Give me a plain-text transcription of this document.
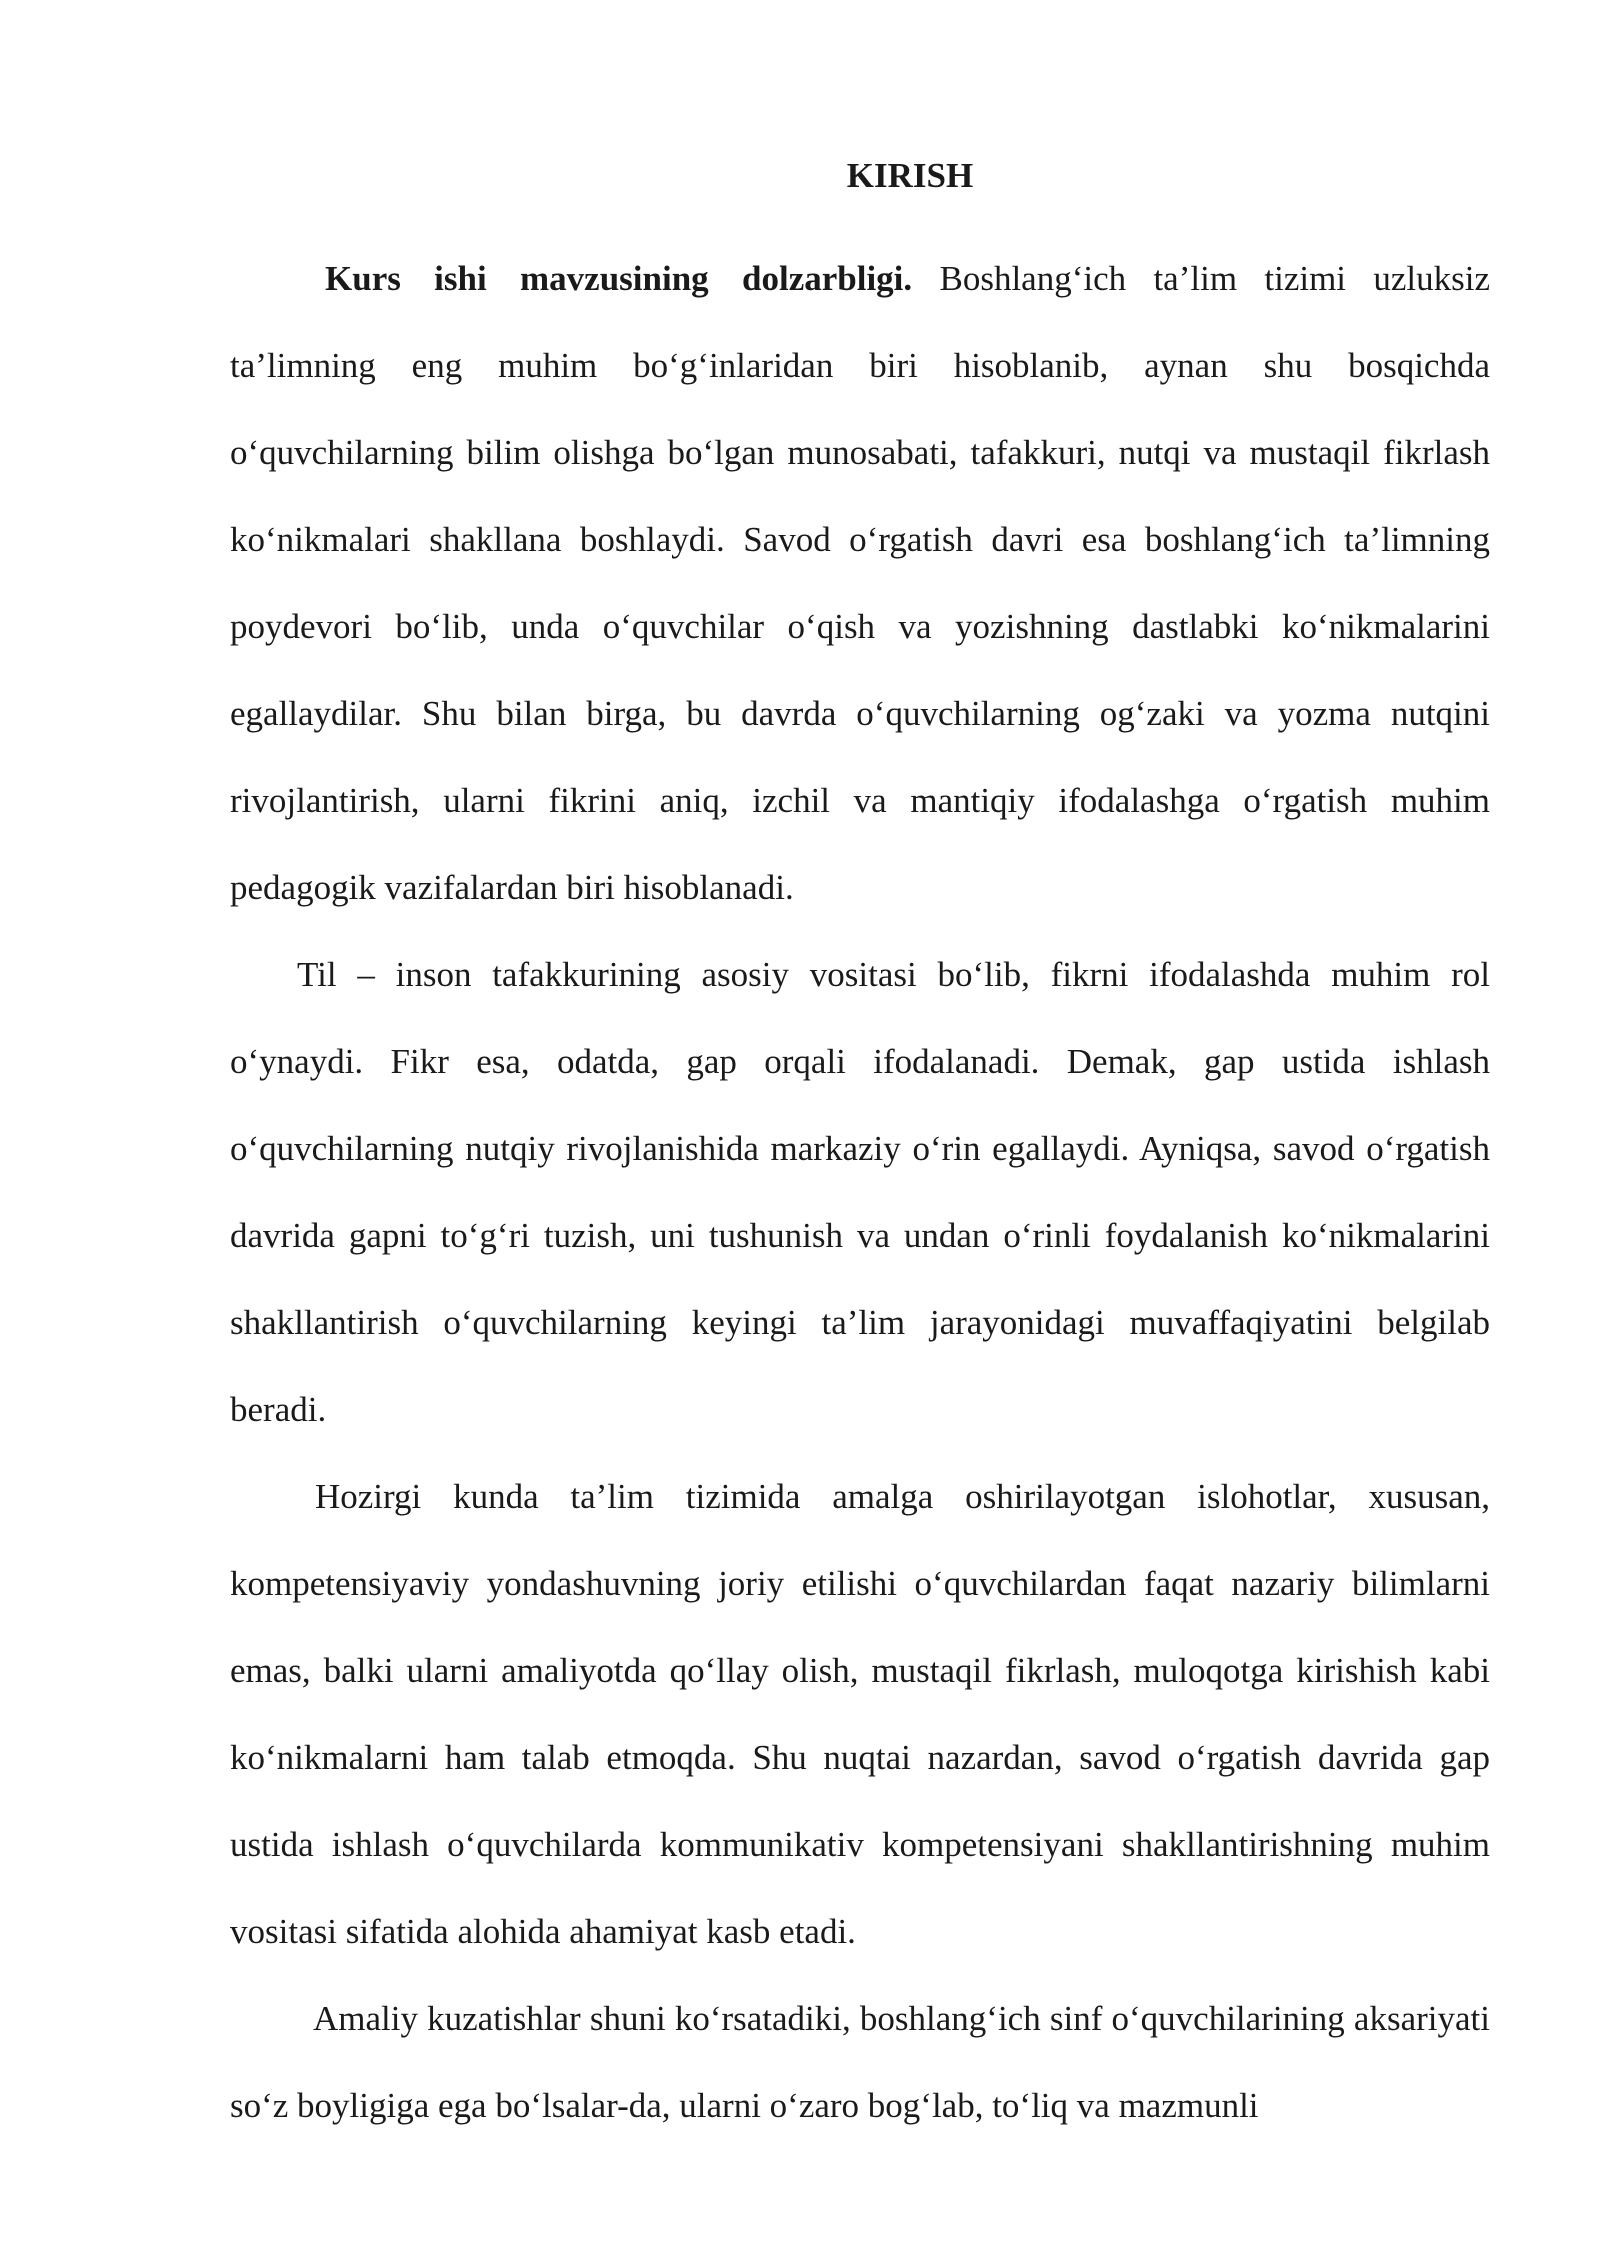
KIRISH

Kurs ishi mavzusining dolzarbligi. Boshlang‘ich ta’lim tizimi uzluksiz ta’limning eng muhim bo‘g‘inlaridan biri hisoblanib, aynan shu bosqichda o‘quvchilarning bilim olishga bo‘lgan munosabati, tafakkuri, nutqi va mustaqil fikrlash ko‘nikmalari shakllana boshlaydi. Savod o‘rgatish davri esa boshlang‘ich ta’limning poydevori bo‘lib, unda o‘quvchilar o‘qish va yozishning dastlabki ko‘nikmalarini egallaydilar. Shu bilan birga, bu davrda o‘quvchilarning og‘zaki va yozma nutqini rivojlantirish, ularni fikrini aniq, izchil va mantiqiy ifodalashga o‘rgatish muhim pedagogik vazifalardan biri hisoblanadi.

Til – inson tafakkurining asosiy vositasi bo‘lib, fikrni ifodalashda muhim rol o‘ynaydi. Fikr esa, odatda, gap orqali ifodalanadi. Demak, gap ustida ishlash o‘quvchilarning nutqiy rivojlanishida markaziy o‘rin egallaydi. Ayniqsa, savod o‘rgatish davrida gapni to‘g‘ri tuzish, uni tushunish va undan o‘rinli foydalanish ko‘nikmalarini shakllantirish o‘quvchilarning keyingi ta’lim jarayonidagi muvaffaqiyatini belgilab beradi.

Hozirgi kunda ta’lim tizimida amalga oshirilayotgan islohotlar, xususan, kompetensiyaviy yondashuvning joriy etilishi o‘quvchilardan faqat nazariy bilimlarni emas, balki ularni amaliyotda qo‘llay olish, mustaqil fikrlash, muloqotga kirishish kabi ko‘nikmalarni ham talab etmoqda. Shu nuqtai nazardan, savod o‘rgatish davrida gap ustida ishlash o‘quvchilarda kommunikativ kompetensiyani shakllantirishning muhim vositasi sifatida alohida ahamiyat kasb etadi.

Amaliy kuzatishlar shuni ko‘rsatadiki, boshlang‘ich sinf o‘quvchilarining aksariyati so‘z boyligiga ega bo‘lsalar-da, ularni o‘zaro bog‘lab, to‘liq va mazmunli
